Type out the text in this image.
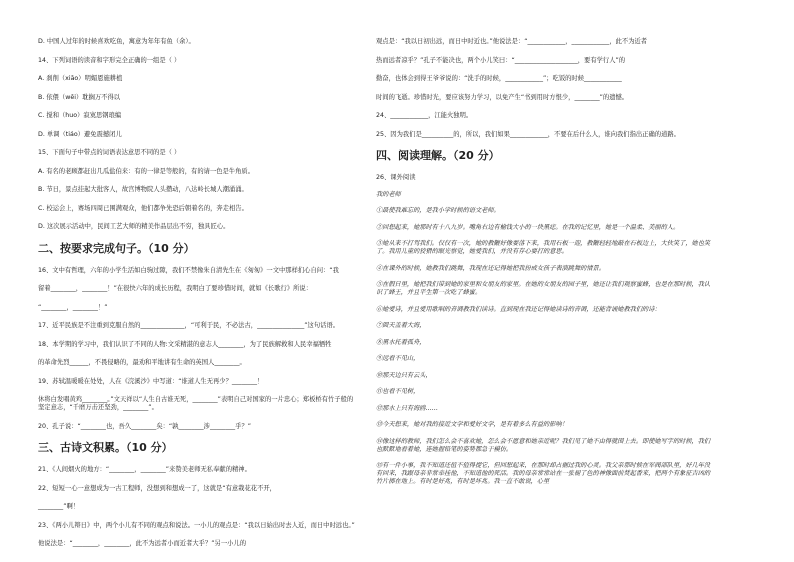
D. 中国人过年的时候喜欢吃鱼，寓意为年年有鱼（余）。
14、下列词语的读音和字形完全正确的一组是（ ）
A. 刹削（xiāo）明媚恩施耕植
B. 依偎（wēi）耽搁万不得以
C. 搅和（huo）寂寞思钢琅编
D. 单调（tiáo）避免震撼闭儿
15、下面句子中带点的词语表达意思不同的是（ ）
A. 有名的老顾都赶出几瓜盐伯来：有的一律是等般的，有的请一色是牛角质。
B. 节日，景点挂起大批客人，故宫博物院人头攒动，八达岭长城人潮涌涌。
C. 校运会上，赛场四周已围满观众，他们都争先恐后朝着名的，奔走相告。
D. 这次展示活动中，民间工艺大师的精美作品层出不穷，独具匠心。
二、按要求完成句子。（10 分）
16、文中有哲理，六年的小学生活如白驹过隙，我们不禁像朱自清先生在《匆匆》一文中那样扪心自问：“我
留着________，________！”在很快六年的成长历程，我明白了要珍惜时间，就如《长歌行》所说：
“________，________！”
17、近平民族是不注重到克服自然的______________，“可利于民，不必法古，_______________”这句话语。
18、本学期的学习中，我们认识了不同的人物:文采精湛的意志人________，为了民族解救和人民幸福牺牲
的革命先烈______，不畏侵略的，最劝和平地讲有生命的英国人________。
19、苏轼温暖暖在处处，人在《浣溪沙》中写道：“谁道人生无再少？________！
休将白发唱黄鸡________。”文天祥以“人生自古谁无死，________”表明自己对国家的一片忠心；郑板桥有竹子般的坚定意志，“千磨万击还坚劲，________”。
20、孔子说：“________也，吾久________矣：“孰________涉________乎？”
三、古诗文积累。（10 分）
21、《人间烟火的地方：“________，________”来赞美老师无私奉献的精神。
22、短短一心一意想成为一古工程师，没想到和想成一了，这就是“有意栽花花不开，
________”啊！
23、《两小儿辩日》中，两个小儿有不同的观点和说法。一小儿的观点是：“我以日始出时去人近，而日中时远也。”
他说法是：“________，________，此不为远者小而近者大乎？”另一小儿的
观点是：“我以日初出远，而日中时近也。”他说法是：“____________，____________，此不为近者
热而远者凉乎？”孔子不能决也，两个小儿笑曰：“____________________，要有学行人”的
勤奋，也体会到得王爷爷说的：“洗手的时候，____________”；吃饭的时候____________
时间的飞逝。珍惜时光，要应该努力学习，以免产生“书到用时方恨少，________”的遗憾。
24、____________，江能火独明。
25、因为我们是__________的，所以，我们如果____________，不要在后什么人，谁向我们指出正确的道路。
四、阅读理解。（20 分）
26、课外阅读
我的老师
①最使我难忘的，是我小学时候的语文老师。
②回想起来，她那时有十八九岁。嘴角右边有榆钱大小的一块黑痣。在我的记忆里，她是一个温柔、美丽的人。
③她从来不打骂我们。仅仅有一次，她的教鞭好像要落下来，我用石板一迎，教鞭轻轻地敲在石板边上，大伙笑了，她也笑了。我用儿童的狡猾的眼光察觉，她爱我们，并没有存心要打的意思。
④在课外的时候，她教我们跳舞，我现在还记得她把我扮成女孩子表演跳舞的情景。
⑤在假日里，她把我们带到她的家里和女朋友的家里。在她的女朋友的园子里，她还让我们观察蜜蜂，也是在那时候，我认识了蜂王，并且平生第一次吃了蜂蜜。
⑥她爱诗，并且爱用歌唱的音调教我们读诗。直到现在我还记得她读诗的音调，还能背诵她教我们的诗：
⑦圆天盖着大海，
⑧黑水托着孤舟，
⑨远看不见山，
⑩那天边只有云头，
⑪也看不见树，
⑫那水上只有海鸥……
⑬今天想来，她对我的接近文学和爱好文学，是有着多么有益的影响！
⑭像这样的教师，我们怎么会不喜欢她，怎么会不愿意和她亲近呢？我们见了她不由得就围上去。即使她写字的时候，我们也默默地看着她，连她握铅笔的姿势都急于模仿。
⑮有一件小事，我不知道还值不值得提它，但回想起来，在那时却占据过我的心灵。我父亲那时候在军阀部队里，好几年没有回来，我跟母亲非常牵挂他，不知道他的死活。我的母亲常常站在一张褪了色的神像面前焚起香来，把两个有象征吉凶的竹片掷在地上。有时是好兆，有时是坏兆。我一直不敢说，心里
